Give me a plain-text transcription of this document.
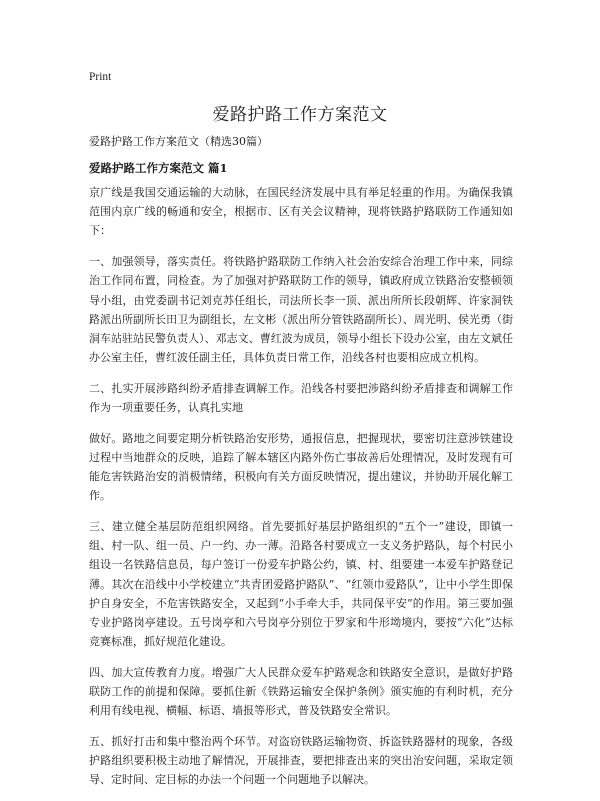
Print
爱路护路工作方案范文

爱路护路工作方案范文（精选30篇）

爱路护路工作方案范文 篇1

京广线是我国交通运输的大动脉，在国民经济发展中具有举足轻重的作用。为确保我镇范围内京广线的畅通和安全，根据市、区有关会议精神，现将铁路护路联防工作通知如下：

一、加强领导，落实责任。将铁路护路联防工作纳入社会治安综合治理工作中来，同综治工作同布置，同检查。为了加强对护路联防工作的领导，镇政府成立铁路治安整顿领导小组，由党委副书记刘克苏任组长，司法所长李一顶、派出所所长段朝辉、许家洞铁路派出所副所长田卫为副组长，左文彬（派出所分管铁路副所长）、周光明、侯光勇（街洞车站驻站民警负责人）、邓志文、曹红波为成员，领导小组长下设办公室，由左文斌任办公室主任，曹红波任副主任，具体负责日常工作，沿线各村也要相应成立机构。

二、扎实开展涉路纠纷矛盾排查调解工作。沿线各村要把涉路纠纷矛盾排查和调解工作作为一项重要任务，认真扎实地

做好。路地之间要定期分析铁路治安形势，通报信息，把握现状，要密切注意涉铁建设过程中当地群众的反映，追踪了解本辖区内路外伤亡事故善后处理情况，及时发现有可能危害铁路治安的消极情绪，积极向有关方面反映情况，提出建议，并协助开展化解工作。

三、建立健全基层防范组织网络。首先要抓好基层护路组织的“五个一”建设，即镇一组、村一队、组一员、户一约、办一薄。沿路各村要成立一支义务护路队，每个村民小组设一名铁路信息员，每户签订一份爱车护路公约，镇、村、组要建一本爱车护路登记薄。其次在沿线中小学校建立“共青团爱路护路队”、“红领巾爱路队”，让中小学生即保护自身安全，不危害铁路安全，又起到“小手牵大手，共同保平安”的作用。第三要加强专业护路岗亭建设。五号岗亭和六号岗亭分别位于罗家和牛形坳境内，要按“六化”达标竞赛标准，抓好规范化建设。

四、加大宣传教育力度。增强广大人民群众爱车护路观念和铁路安全意识，是做好护路联防工作的前提和保障。要抓住新《铁路运输安全保护条例》颁实施的有利时机，充分利用有线电视、横幅、标语、墙报等形式，普及铁路安全常识。

五、抓好打击和集中整治两个环节。对盗窃铁路运输物资、拆盗铁路器材的现象，各级护路组织要积极主动地了解情况，开展排查，要把排查出来的突出治安问题，采取定领导、定时间、定目标的办法一个问题一个问题地予以解决。
